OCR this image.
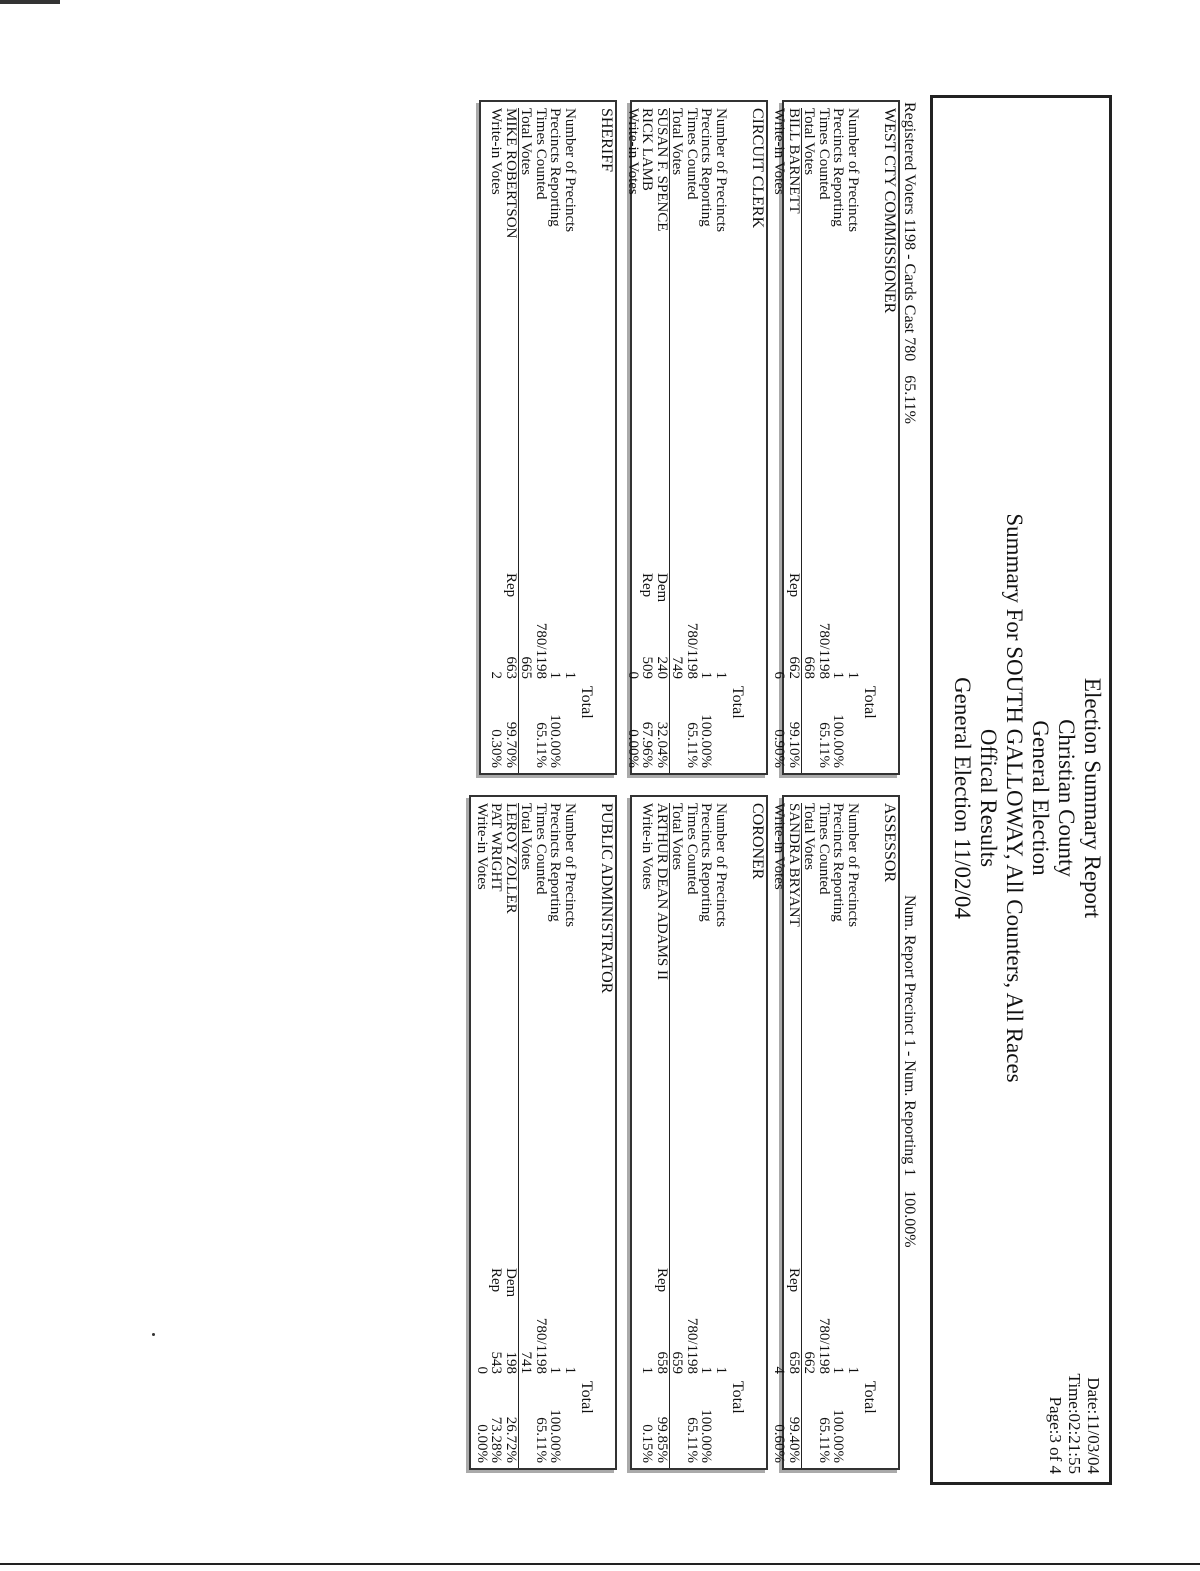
Election Summary Report
Christian County
General Election
Summary For SOUTH GALLOWAY, All Counters, All Races
Offical Results
General Election 11/02/04
Date:11/03/04
Time:02:21:55
Page:3 of 4
Registered Voters 1198 - Cards Cast 78065.11%
Num. Report Precinct 1 - Num. Reporting 1100.00%
WEST CTY COMMISSIONER
Total
Number of Precincts
1
Precincts Reporting
1
100.00%
Times Counted
780/1198
65.11%
Total Votes
668
BILL BARNETT
Rep
662
99.10%
Write-in Votes
6
0.90%
ASSESSOR
Total
Number of Precincts
1
Precincts Reporting
1
100.00%
Times Counted
780/1198
65.11%
Total Votes
662
SANDRA BRYANT
Rep
658
99.40%
Write-in Votes
4
0.60%
CIRCUIT CLERK
Total
Number of Precincts
1
Precincts Reporting
1
100.00%
Times Counted
780/1198
65.11%
Total Votes
749
SUSAN F. SPENCE
Dem
240
32.04%
RICK LAMB
Rep
509
67.96%
Write-in Votes
0
0.00%
CORONER
Total
Number of Precincts
1
Precincts Reporting
1
100.00%
Times Counted
780/1198
65.11%
Total Votes
659
ARTHUR DEAN ADAMS II
Rep
658
99.85%
Write-in Votes
1
0.15%
SHERIFF
Total
Number of Precincts
1
Precincts Reporting
1
100.00%
Times Counted
780/1198
65.11%
Total Votes
665
MIKE ROBERTSON
Rep
663
99.70%
Write-in Votes
2
0.30%
PUBLIC ADMINISTRATOR
Total
Number of Precincts
1
Precincts Reporting
1
100.00%
Times Counted
780/1198
65.11%
Total Votes
741
LEROY ZOLLER
Dem
198
26.72%
PAT WRIGHT
Rep
543
73.28%
Write-in Votes
0
0.00%
